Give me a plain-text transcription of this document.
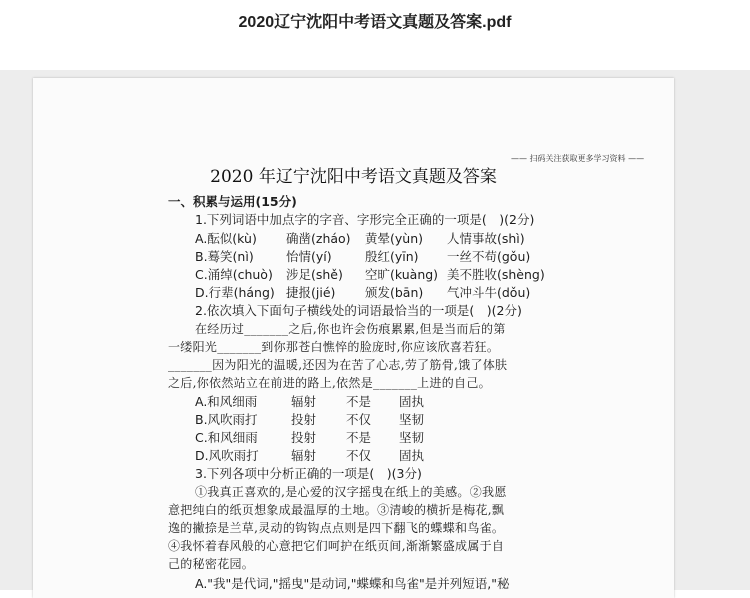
2020辽宁沈阳中考语文真题及答案.pdf
—— 扫码关注获取更多学习资料 ——
2020 年辽宁沈阳中考语文真题及答案
一、积累与运用(15分)
1.下列词语中加点字的字音、字形完全正确的一项是(　)(2分)
A.酝似(kù) 确凿(zháo) 黄晕(yùn) 人情事故(shì)
B.蓦笑(nì)	怡情(yí)	殷红(yīn) 一丝不苟(gǒu)
C.涌绰(chuò) 涉足(shě) 空旷(kuàng) 美不胜收(shèng)
D.行辈(háng) 捷报(jié) 颁发(bān) 气冲斗牛(dǒu)
2.依次填入下面句子横线处的词语最恰当的一项是(　)(2分)
在经历过_______之后,你也许会伤痕累累,但是当而后的第
一缕阳光_______到你那苍白憔悴的脸庞时,你应该欣喜若狂。
_______因为阳光的温暖,还因为在苦了心志,劳了筋骨,饿了体肤
之后,你依然站立在前进的路上,依然是_______上进的自己。
A.和风细雨	辐射 不是 固执
B.风吹雨打	投射 不仅 坚韧
C.和风细雨	投射 不是 坚韧
D.风吹雨打	辐射 不仅 固执
3.下列各项中分析正确的一项是(　)(3分)
①我真正喜欢的,是心爱的汉字摇曳在纸上的美感。②我愿
意把纯白的纸页想象成最温厚的土地。③清峻的横折是梅花,飘
逸的撇捺是兰草,灵动的钩钩点点则是四下翻飞的蝶蝶和鸟雀。
④我怀着春风般的心意把它们呵护在纸页间,渐渐繁盛成属于自
己的秘密花园。
A."我"是代词,"摇曳"是动词,"蝶蝶和鸟雀"是并列短语,"秘
